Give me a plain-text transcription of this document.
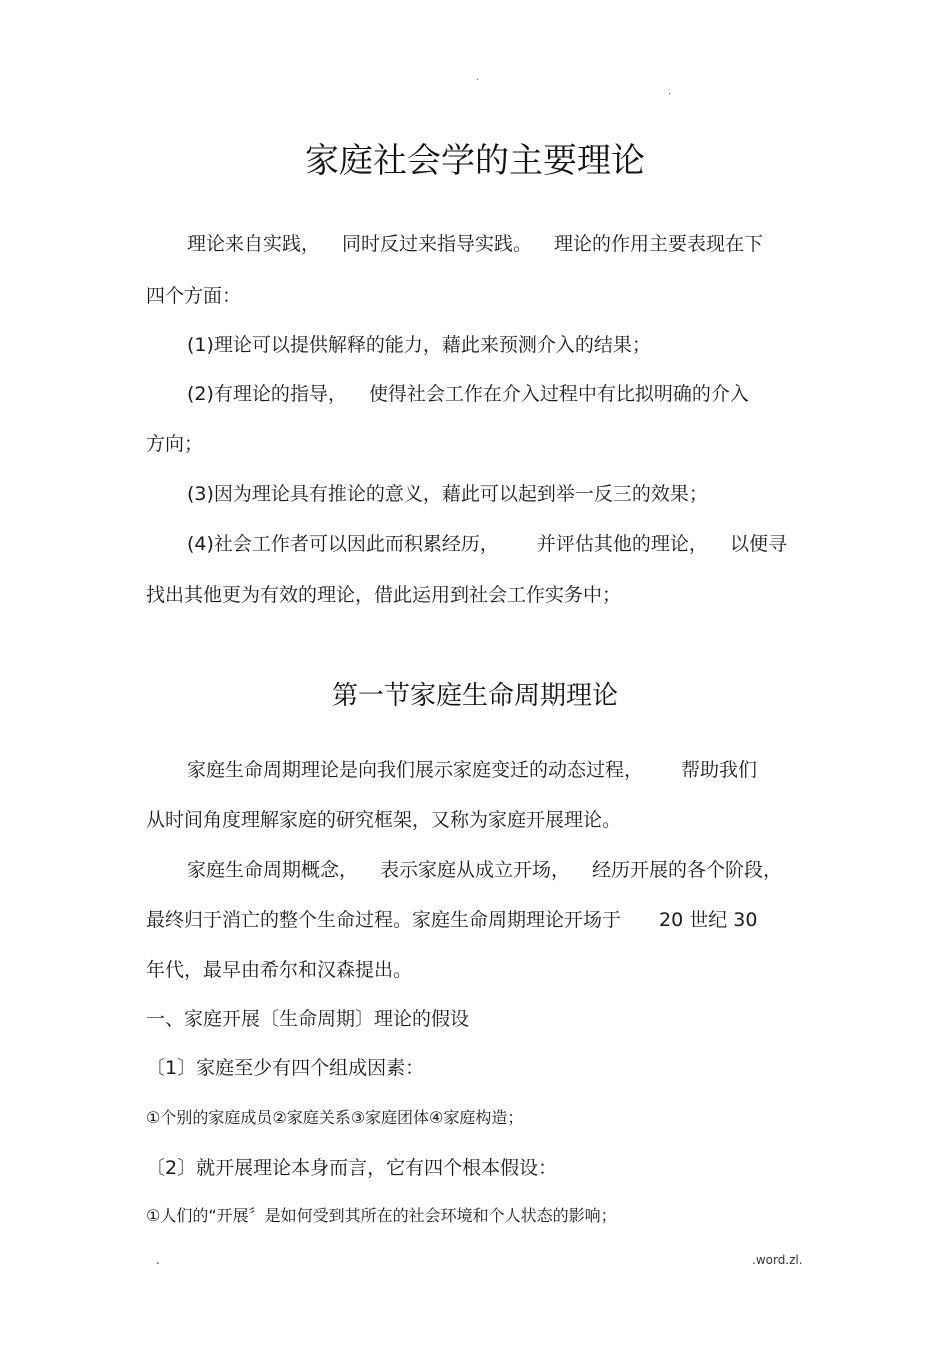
.
.
家庭社会学的主要理论
理论来自实践， 同时反过来指导实践。 理论的作用主要表现在下
四个方面：
(1)理论可以提供解释的能力，藉此来预测介入的结果；
(2)有理论的指导， 使得社会工作在介入过程中有比拟明确的介入
方向；
(3)因为理论具有推论的意义，藉此可以起到举一反三的效果；
(4)社会工作者可以因此而积累经历， 并评估其他的理论， 以便寻
找出其他更为有效的理论，借此运用到社会工作实务中；
第一节家庭生命周期理论
家庭生命周期理论是向我们展示家庭变迁的动态过程， 帮助我们
从时间角度理解家庭的研究框架，又称为家庭开展理论。
家庭生命周期概念， 表示家庭从成立开场， 经历开展的各个阶段，
最终归于消亡的整个生命过程。家庭生命周期理论开场于 20 世纪 30
年代，最早由希尔和汉森提出。
一、家庭开展〔生命周期〕理论的假设
〔1〕家庭至少有四个组成因素：
①个别的家庭成员②家庭关系③家庭团体④家庭构造；
〔2〕就开展理论本身而言，它有四个根本假设：
①人们的“开展〞是如何受到其所在的社会环境和个人状态的影响；
.	.word.zl.
